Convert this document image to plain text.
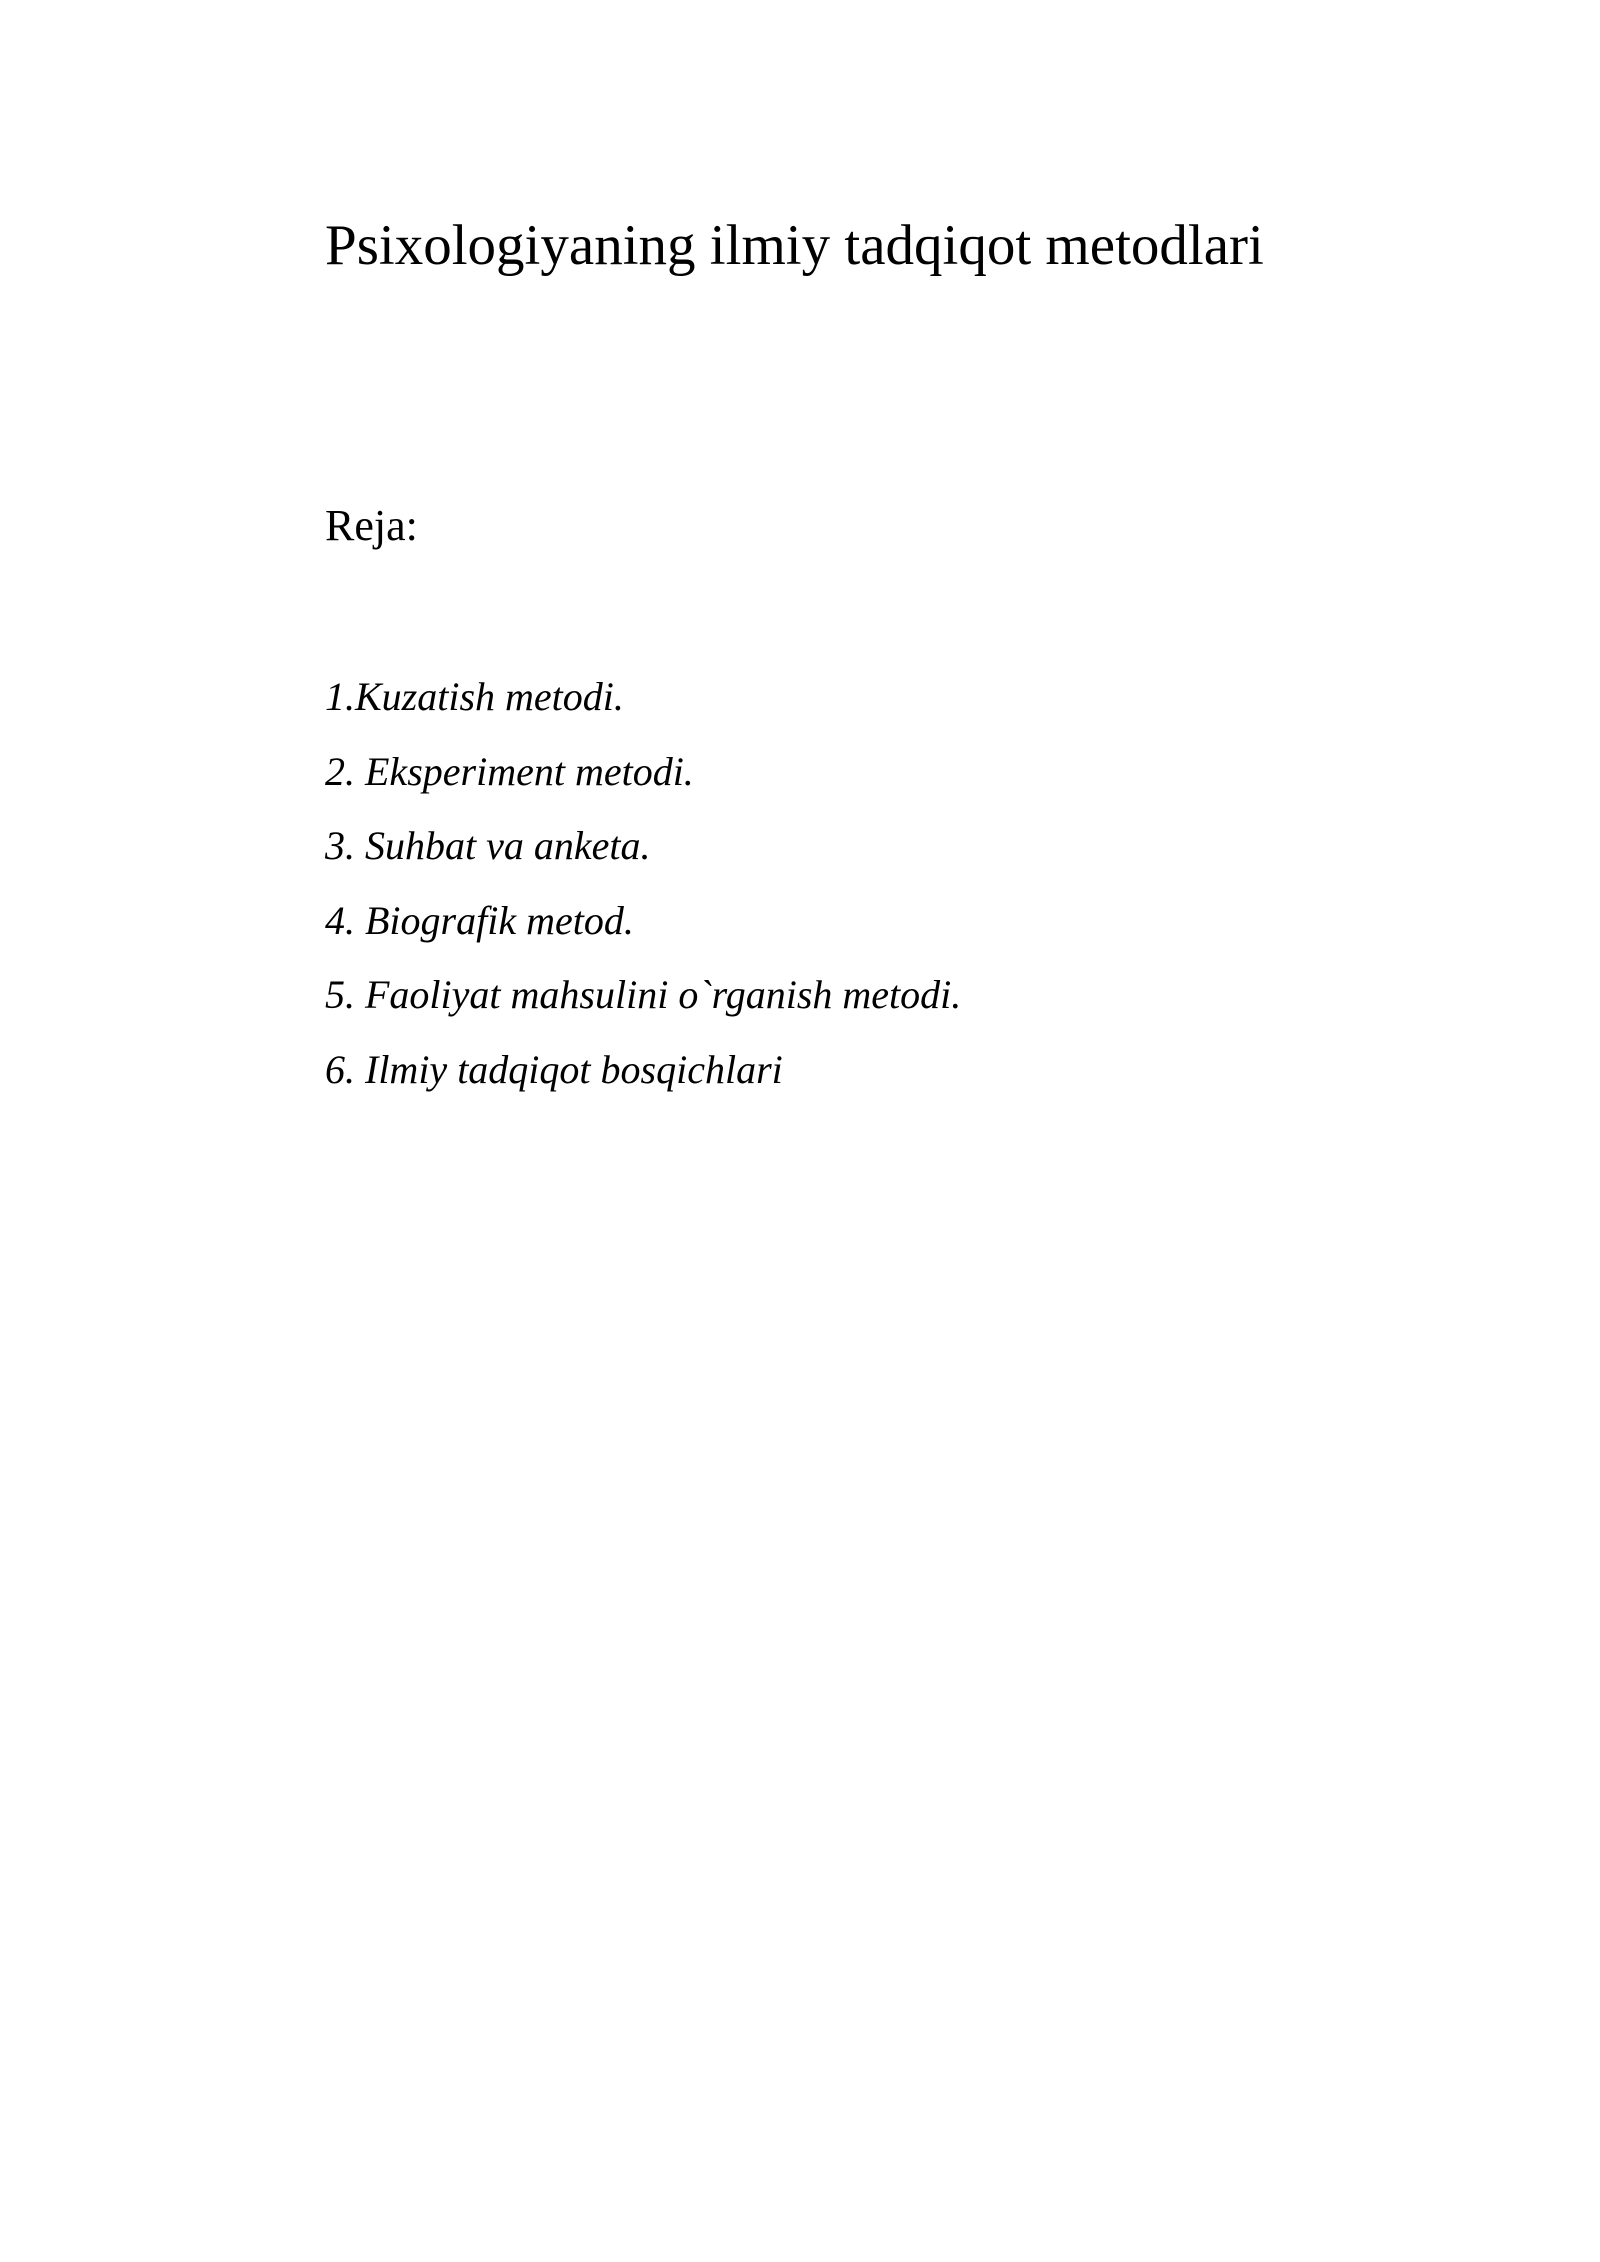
Psixologiyaning ilmiy tadqiqot metodlari

Reja:

1.Kuzatish metodi.
2. Eksperiment metodi.
3. Suhbat va anketa.
4. Biografik metod.
5. Faoliyat mahsulini o`rganish metodi.
6. Ilmiy tadqiqot bosqichlari
